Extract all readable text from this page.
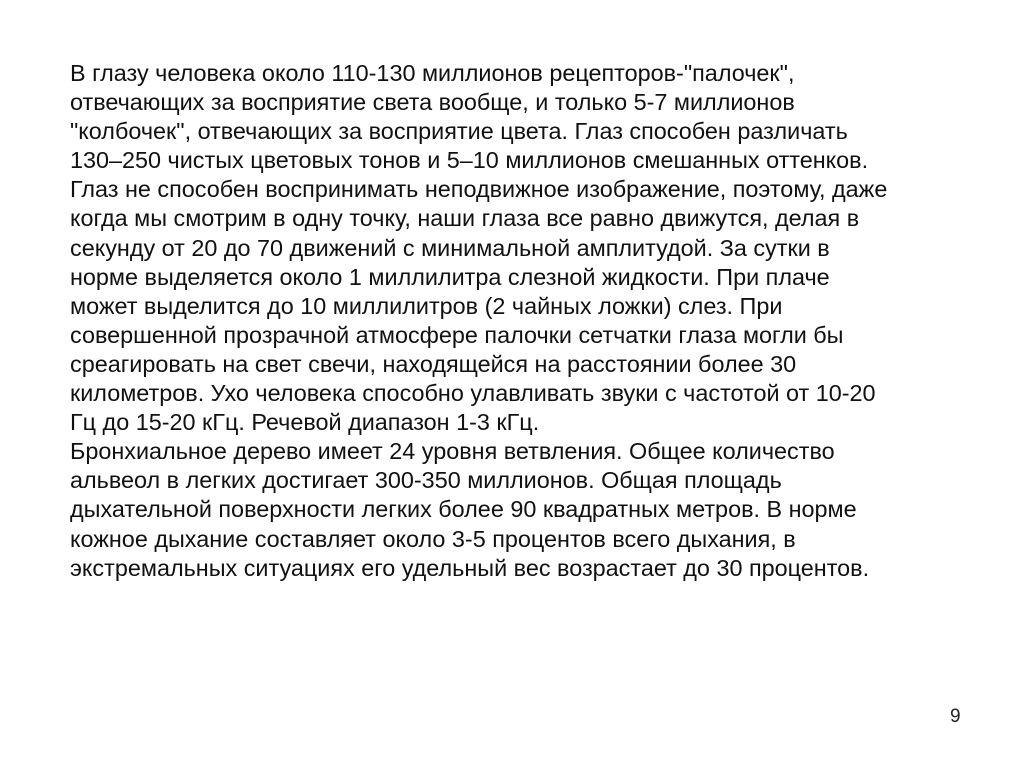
В глазу человека около 110-130 миллионов рецепторов-"палочек",
отвечающих за восприятие света вообще, и только 5-7 миллионов
"колбочек", отвечающих за восприятие цвета. Глаз способен различать
130–250 чистых цветовых тонов и 5–10 миллионов смешанных оттенков.
Глаз не способен воспринимать неподвижное изображение, поэтому, даже
когда мы смотрим в одну точку, наши глаза все равно движутся, делая в
секунду от 20 до 70 движений с минимальной амплитудой. За сутки в
норме выделяется около 1 миллилитра слезной жидкости. При плаче
может выделится до 10 миллилитров (2 чайных ложки) слез. При
совершенной прозрачной атмосфере палочки сетчатки глаза могли бы
среагировать на свет свечи, находящейся на расстоянии более 30
километров. Ухо человека способно улавливать звуки с частотой от 10-20
Гц до 15-20 кГц. Речевой диапазон 1-3 кГц.
Бронхиальное дерево имеет 24 уровня ветвления. Общее количество
альвеол в легких достигает 300-350 миллионов. Общая площадь
дыхательной поверхности легких более 90 квадратных метров. В норме
кожное дыхание составляет около 3-5 процентов всего дыхания, в
экстремальных ситуациях его удельный вес возрастает до 30 процентов.
9
